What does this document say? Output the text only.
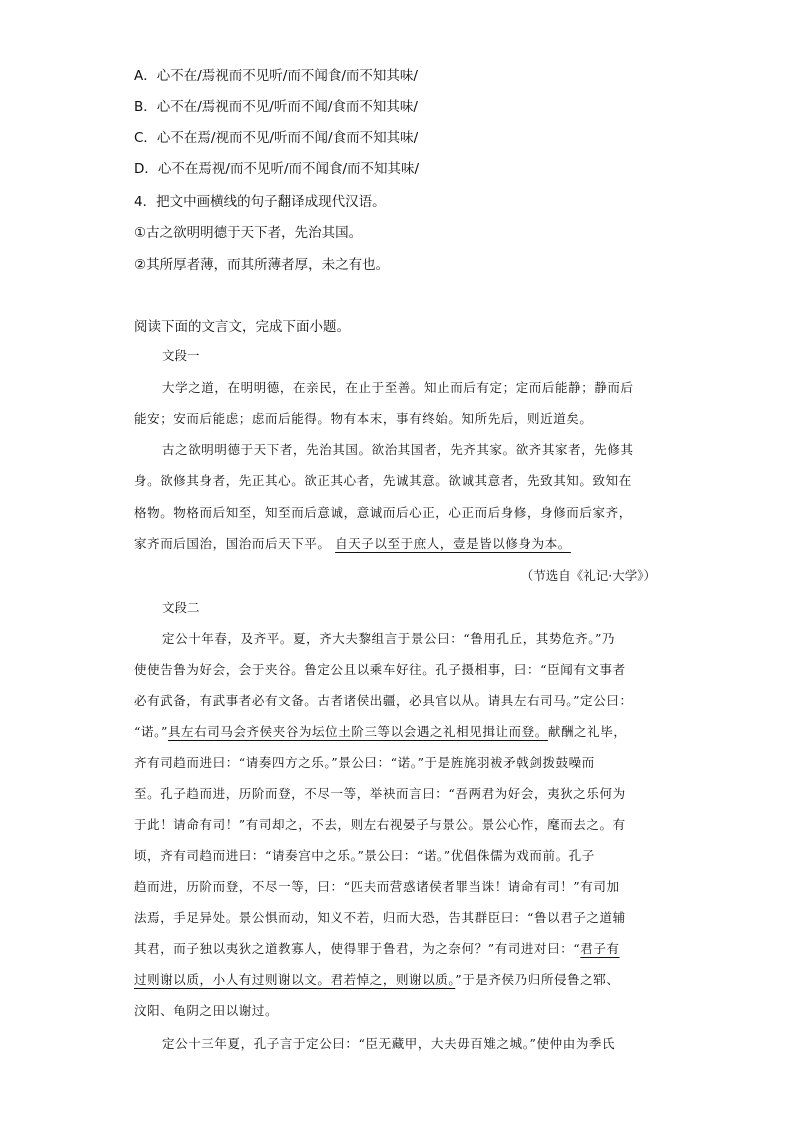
A．心不在/焉视而不见听/而不闻食/而不知其味/
B．心不在/焉视而不见/听而不闻/食而不知其味/
C．心不在焉/视而不见/听而不闻/食而不知其味/
D．心不在焉视/而不见听/而不闻食/而不知其味/
4．把文中画横线的句子翻译成现代汉语。
①古之欲明明德于天下者，先治其国。
②其所厚者薄，而其所薄者厚，未之有也。
阅读下面的文言文，完成下面小题。
文段一
大学之道，在明明德，在亲民，在止于至善。知止而后有定；定而后能静；静而后
能安；安而后能虑；虑而后能得。物有本末，事有终始。知所先后，则近道矣。
古之欲明明德于天下者，先治其国。欲治其国者，先齐其家。欲齐其家者，先修其
身。欲修其身者，先正其心。欲正其心者，先诚其意。欲诚其意者，先致其知。致知在
格物。物格而后知至，知至而后意诚，意诚而后心正，心正而后身修，身修而后家齐，
家齐而后国治，国治而后天下平。 自天子以至于庶人，壹是皆以修身为本。
（节选自《礼记·大学》）
文段二
定公十年春，及齐平。夏，齐大夫黎组言于景公曰：“鲁用孔丘，其势危齐。”乃
使使告鲁为好会，会于夹谷。鲁定公且以乘车好往。孔子摄相事，曰：“臣闻有文事者
必有武备，有武事者必有文备。古者诸侯出疆，必具官以从。请具左右司马。”定公曰：
“诺。”具左右司马会齐侯夹谷为坛位土阶三等以会遇之礼相见揖让而登。献酬之礼毕，
齐有司趋而进曰：“请奏四方之乐。”景公曰：“诺。”于是旌旄羽袚矛戟剑拨鼓噪而
至。孔子趋而进，历阶而登，不尽一等，举袂而言曰：“吾两君为好会，夷狄之乐何为
于此！请命有司！”有司却之，不去，则左右视晏子与景公。景公心怍，麾而去之。有
顷，齐有司趋而进曰：“请奏宫中之乐。”景公曰：“诺。”优倡侏儒为戏而前。孔子
趋而进，历阶而登，不尽一等，曰：“匹夫而营惑诸侯者罪当诛！请命有司！”有司加
法焉，手足异处。景公惧而动，知义不若，归而大恐，告其群臣曰：“鲁以君子之道辅
其君，而子独以夷狄之道教寡人，使得罪于鲁君，为之奈何？”有司进对曰：“君子有
过则谢以质，小人有过则谢以文。君若悼之，则谢以质。”于是齐侯乃归所侵鲁之郓、
汶阳、龟阴之田以谢过。
定公十三年夏，孔子言于定公曰：“臣无藏甲，大夫毋百雉之城。”使仲由为季氏
